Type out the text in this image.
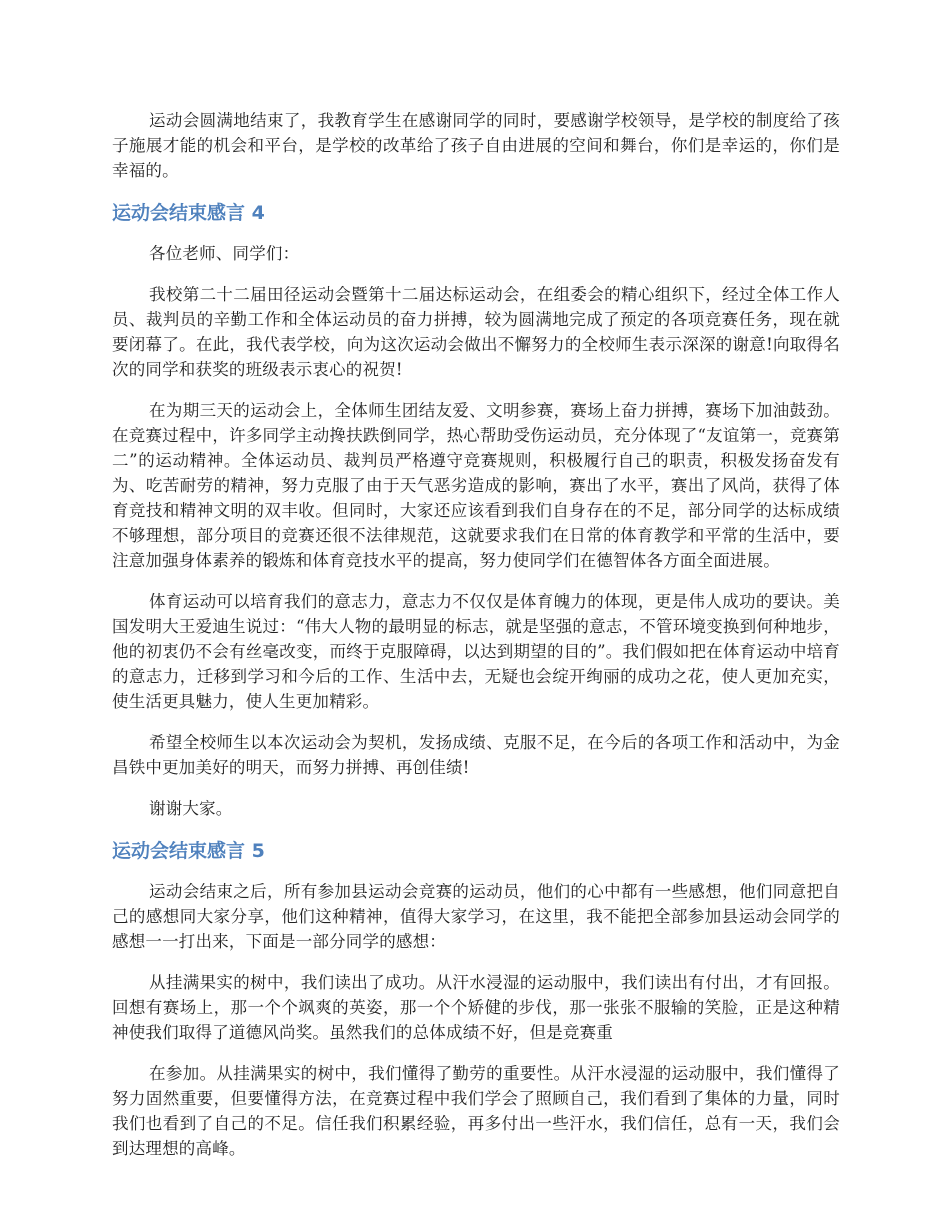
运动会圆满地结束了，我教育学生在感谢同学的同时，要感谢学校领导，是学校的制度给了孩子施展才能的机会和平台，是学校的改革给了孩子自由进展的空间和舞台，你们是幸运的，你们是幸福的。

运动会结束感言 4

各位老师、同学们：

我校第二十二届田径运动会暨第十二届达标运动会，在组委会的精心组织下，经过全体工作人员、裁判员的辛勤工作和全体运动员的奋力拼搏，较为圆满地完成了预定的各项竞赛任务，现在就要闭幕了。在此，我代表学校，向为这次运动会做出不懈努力的全校师生表示深深的谢意!向取得名次的同学和获奖的班级表示衷心的祝贺!

在为期三天的运动会上，全体师生团结友爱、文明参赛，赛场上奋力拼搏，赛场下加油鼓劲。在竞赛过程中，许多同学主动搀扶跌倒同学，热心帮助受伤运动员，充分体现了“友谊第一，竞赛第二”的运动精神。全体运动员、裁判员严格遵守竞赛规则，积极履行自己的职责，积极发扬奋发有为、吃苦耐劳的精神，努力克服了由于天气恶劣造成的影响，赛出了水平，赛出了风尚，获得了体育竞技和精神文明的双丰收。但同时，大家还应该看到我们自身存在的不足，部分同学的达标成绩不够理想，部分项目的竞赛还很不法律规范，这就要求我们在日常的体育教学和平常的生活中，要注意加强身体素养的锻炼和体育竞技水平的提高，努力使同学们在德智体各方面全面进展。

体育运动可以培育我们的意志力，意志力不仅仅是体育魄力的体现，更是伟人成功的要诀。美国发明大王爱迪生说过：“伟大人物的最明显的标志，就是坚强的意志，不管环境变换到何种地步，他的初衷仍不会有丝毫改变，而终于克服障碍，以达到期望的目的”。我们假如把在体育运动中培育的意志力，迁移到学习和今后的工作、生活中去，无疑也会绽开绚丽的成功之花，使人更加充实，使生活更具魅力，使人生更加精彩。

希望全校师生以本次运动会为契机，发扬成绩、克服不足，在今后的各项工作和活动中，为金昌铁中更加美好的明天，而努力拼搏、再创佳绩!

谢谢大家。

运动会结束感言 5

运动会结束之后，所有参加县运动会竞赛的运动员，他们的心中都有一些感想，他们同意把自己的感想同大家分享，他们这种精神，值得大家学习，在这里，我不能把全部参加县运动会同学的感想一一打出来，下面是一部分同学的感想：

从挂满果实的树中，我们读出了成功。从汗水浸湿的运动服中，我们读出有付出，才有回报。回想有赛场上，那一个个飒爽的英姿，那一个个矫健的步伐，那一张张不服输的笑脸，正是这种精神使我们取得了道德风尚奖。虽然我们的总体成绩不好，但是竞赛重

在参加。从挂满果实的树中，我们懂得了勤劳的重要性。从汗水浸湿的运动服中，我们懂得了努力固然重要，但要懂得方法，在竞赛过程中我们学会了照顾自己，我们看到了集体的力量，同时我们也看到了自己的不足。信任我们积累经验，再多付出一些汗水，我们信任，总有一天，我们会到达理想的高峰。
